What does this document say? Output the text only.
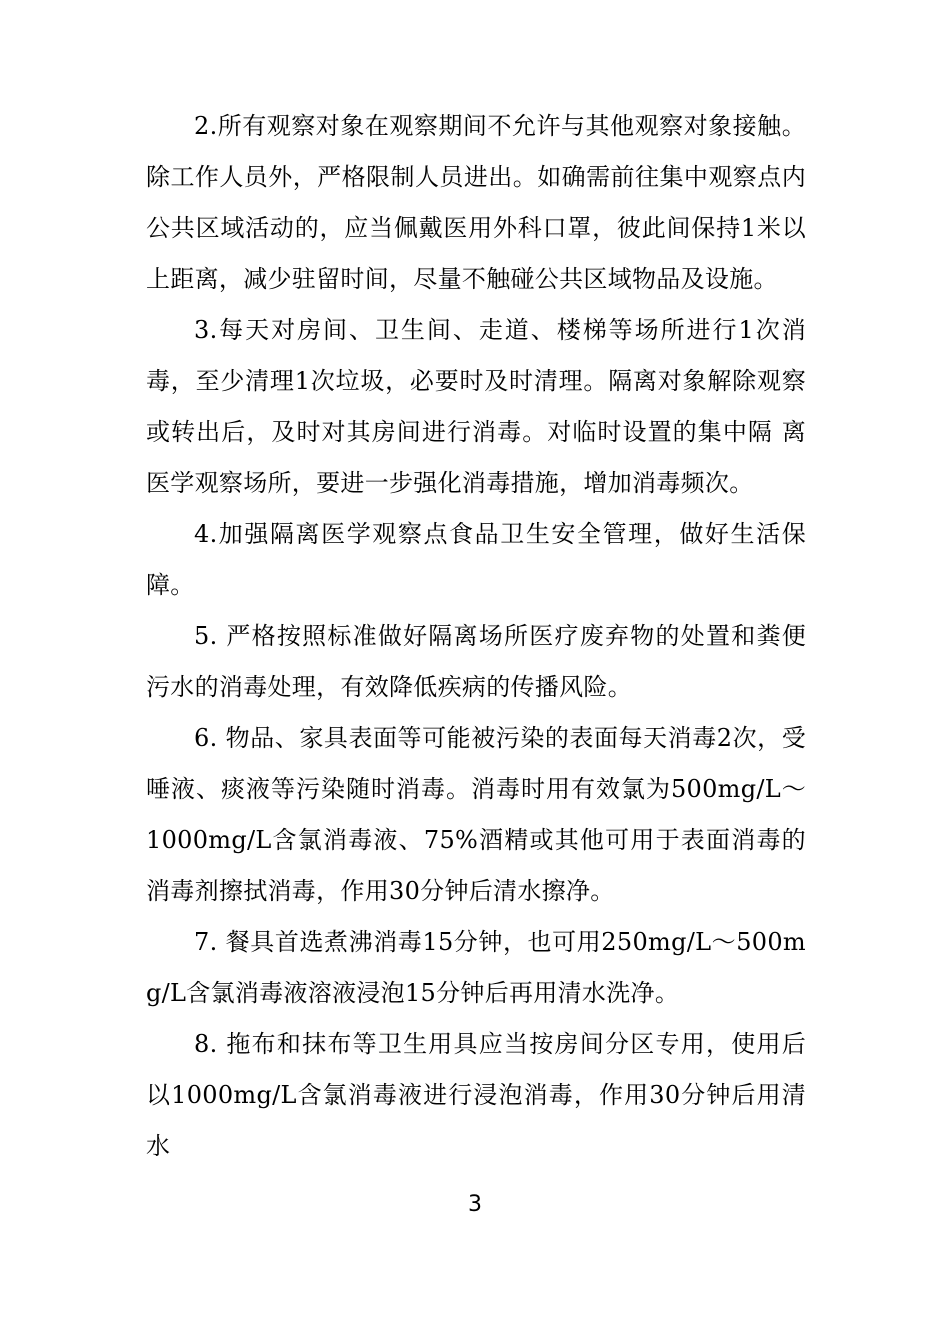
2.所有观察对象在观察期间不允许与其他观察对象接触。除工作人员外，严格限制人员进出。如确需前往集中观察点内公共区域活动的，应当佩戴医用外科口罩，彼此间保持1米以上距离，减少驻留时间，尽量不触碰公共区域物品及设施。

3.每天对房间、卫生间、走道、楼梯等场所进行1次消毒，至少清理1次垃圾，必要时及时清理。隔离对象解除观察或转出后，及时对其房间进行消毒。对临时设置的集中隔 离医学观察场所，要进一步强化消毒措施，增加消毒频次。

4.加强隔离医学观察点食品卫生安全管理，做好生活保障。

5. 严格按照标准做好隔离场所医疗废弃物的处置和粪便污水的消毒处理，有效降低疾病的传播风险。

6. 物品、家具表面等可能被污染的表面每天消毒2次，受唾液、痰液等污染随时消毒。消毒时用有效氯为500mg/L～1000mg/L含氯消毒液、75%酒精或其他可用于表面消毒的消毒剂擦拭消毒，作用30分钟后清水擦净。

7. 餐具首选煮沸消毒15分钟，也可用250mg/L～500mg/L含氯消毒液溶液浸泡15分钟后再用清水洗净。

8. 拖布和抹布等卫生用具应当按房间分区专用，使用后以1000mg/L含氯消毒液进行浸泡消毒，作用30分钟后用清水

3
